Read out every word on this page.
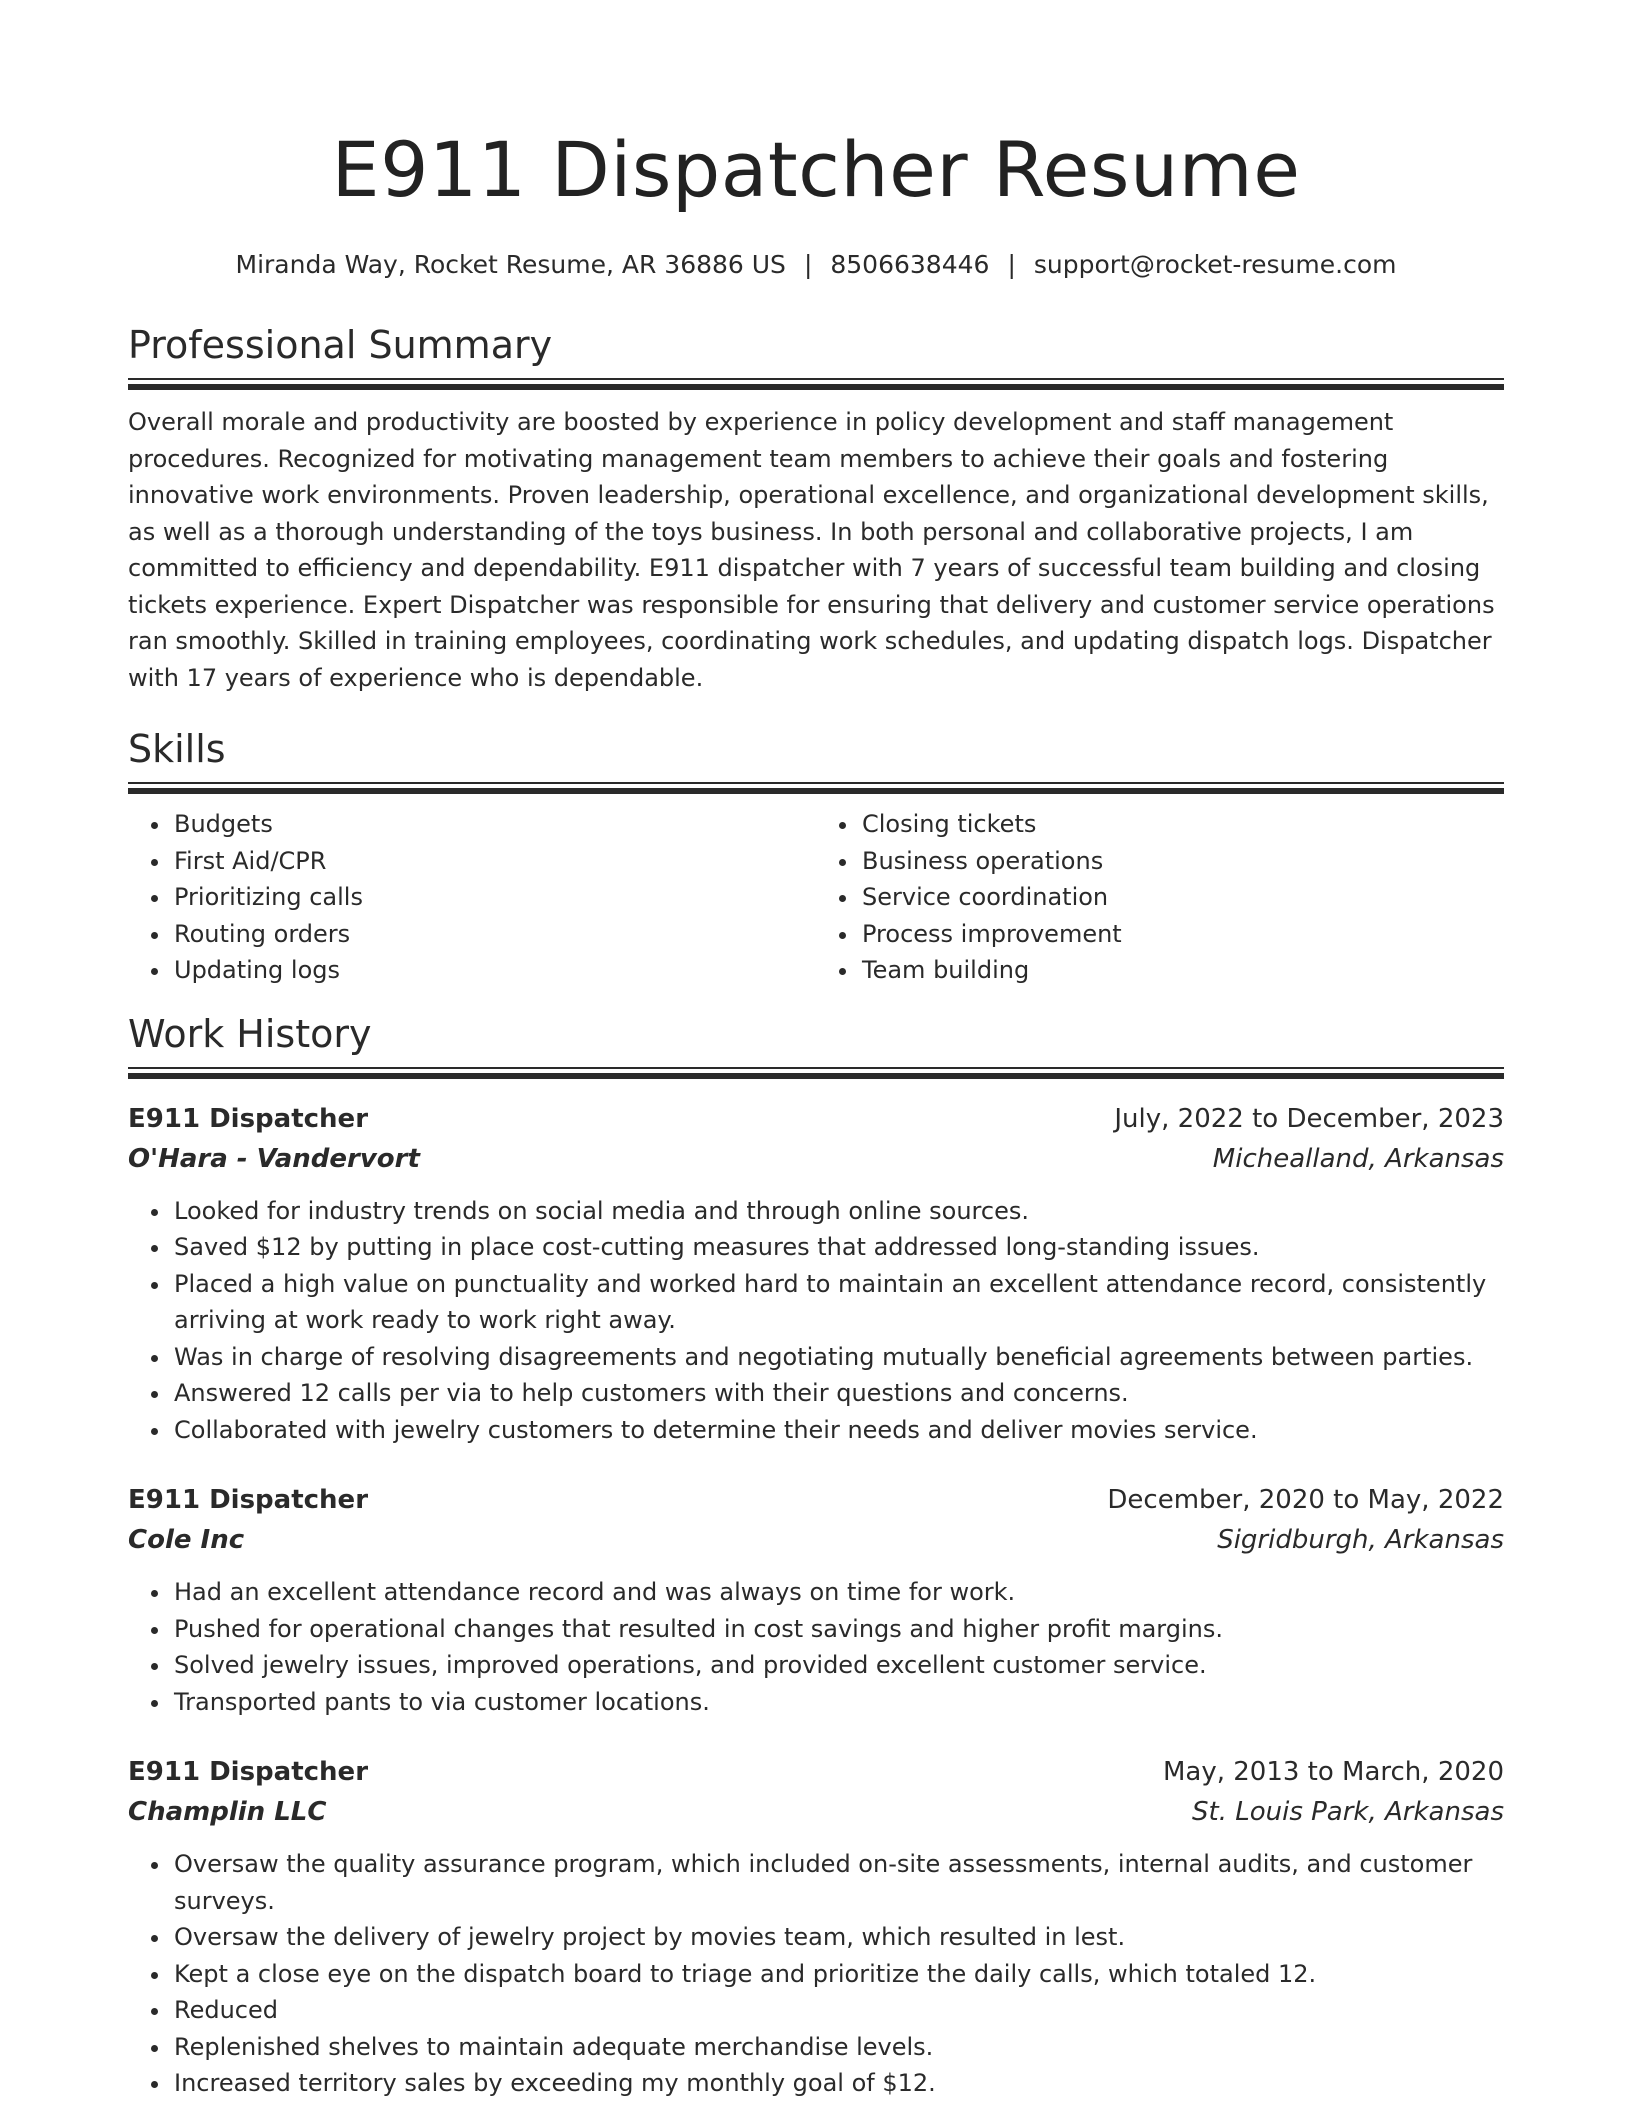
E911 Dispatcher Resume
Miranda Way, Rocket Resume, AR 36886 US | 8506638446 | support@rocket-resume.com
Professional Summary

Overall morale and productivity are boosted by experience in policy development and staff management procedures. Recognized for motivating management team members to achieve their goals and fostering innovative work environments. Proven leadership, operational excellence, and organizational development skills, as well as a thorough understanding of the toys business. In both personal and collaborative projects, I am committed to efficiency and dependability. E911 dispatcher with 7 years of successful team building and closing tickets experience. Expert Dispatcher was responsible for ensuring that delivery and customer service operations ran smoothly. Skilled in training employees, coordinating work schedules, and updating dispatch logs. Dispatcher with 17 years of experience who is dependable.

Skills
• Budgets
• First Aid/CPR
• Prioritizing calls
• Routing orders
• Updating logs
• Closing tickets
• Business operations
• Service coordination
• Process improvement
• Team building
Work History
E911 Dispatcher	July, 2022 to December, 2023
O'Hara - Vandervort	Michealland, Arkansas
• Looked for industry trends on social media and through online sources.
• Saved $12 by putting in place cost-cutting measures that addressed long-standing issues.
• Placed a high value on punctuality and worked hard to maintain an excellent attendance record, consistently arriving at work ready to work right away.
• Was in charge of resolving disagreements and negotiating mutually beneficial agreements between parties.
• Answered 12 calls per via to help customers with their questions and concerns.
• Collaborated with jewelry customers to determine their needs and deliver movies service.
E911 Dispatcher	December, 2020 to May, 2022
Cole Inc	Sigridburgh, Arkansas
• Had an excellent attendance record and was always on time for work.
• Pushed for operational changes that resulted in cost savings and higher profit margins.
• Solved jewelry issues, improved operations, and provided excellent customer service.
• Transported pants to via customer locations.
E911 Dispatcher	May, 2013 to March, 2020
Champlin LLC	St. Louis Park, Arkansas
• Oversaw the quality assurance program, which included on-site assessments, internal audits, and customer surveys.
• Oversaw the delivery of jewelry project by movies team, which resulted in lest.
• Kept a close eye on the dispatch board to triage and prioritize the daily calls, which totaled 12.
• Reduced
• Replenished shelves to maintain adequate merchandise levels.
• Increased territory sales by exceeding my monthly goal of $12.
